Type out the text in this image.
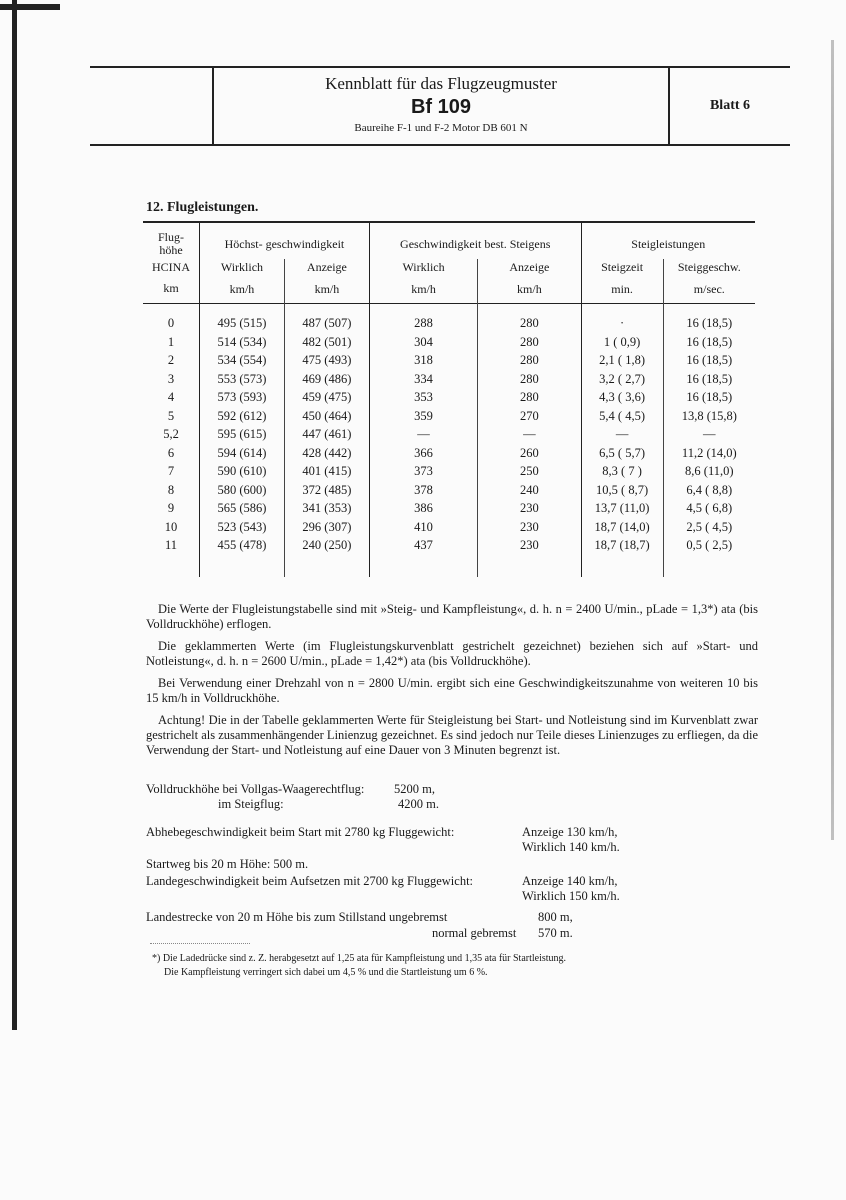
Kennblatt für das Flugzeugmuster
Bf 109
Baureihe F-1 und F-2 Motor DB 601 N
Blatt 6
12. Flugleistungen.
Flug-
höhe	Höchst- geschwindigkeit		Geschwindigkeit best. Steigens		Steigleistungen	

HCINA	Wirklich	Anzeige	Wirklich	Anzeige	Steigzeit	Steiggeschw.
km	km/h	km/h	km/h	km/h	min.	m/sec.
0	495 (515)	487 (507)	288	280	·	16 (18,5)
1	514 (534)	482 (501)	304	280	1 ( 0,9)	16 (18,5)
2	534 (554)	475 (493)	318	280	2,1 ( 1,8)	16 (18,5)
3	553 (573)	469 (486)	334	280	3,2 ( 2,7)	16 (18,5)
4	573 (593)	459 (475)	353	280	4,3 ( 3,6)	16 (18,5)
5	592 (612)	450 (464)	359	270	5,4 ( 4,5)	13,8 (15,8)
5,2	595 (615)	447 (461)	—	—	—	—
6	594 (614)	428 (442)	366	260	6,5 ( 5,7)	11,2 (14,0)
7	590 (610)	401 (415)	373	250	8,3 ( 7 )	8,6 (11,0)
8	580 (600)	372 (485)	378	240	10,5 ( 8,7)	6,4 ( 8,8)
9	565 (586)	341 (353)	386	230	13,7 (11,0)	4,5 ( 6,8)
10	523 (543)	296 (307)	410	230	18,7 (14,0)	2,5 ( 4,5)
11	455 (478)	240 (250)	437	230	18,7 (18,7)	0,5 ( 2,5)

Die Werte der Flugleistungstabelle sind mit »Steig- und Kampfleistung«, d. h. n = 2400 U/min., pLade = 1,3*) ata (bis Volldruckhöhe) erflogen.

Die geklammerten Werte (im Flugleistungskurvenblatt gestrichelt gezeichnet) beziehen sich auf »Start- und Notleistung«, d. h. n = 2600 U/min., pLade = 1,42*) ata (bis Volldruckhöhe).

Bei Verwendung einer Drehzahl von n = 2800 U/min. ergibt sich eine Geschwindigkeitszunahme von weiteren 10 bis 15 km/h in Volldruckhöhe.

Achtung! Die in der Tabelle geklammerten Werte für Steigleistung bei Start- und Notleistung sind im Kurvenblatt zwar gestrichelt als zusammenhängender Linienzug gezeichnet. Es sind jedoch nur Teile dieses Linienzuges zu erfliegen, da die Verwendung der Start- und Notleistung auf eine Dauer von 3 Minuten begrenzt ist.

Volldruckhöhe bei Vollgas-Waagerechtflug: 5200 m,
im Steigflug:	4200 m.
Abhebegeschwindigkeit beim Start mit 2780 kg Fluggewicht:	Anzeige 130 km/h,
Wirklich 140 km/h.
Startweg bis 20 m Höhe: 500 m.
Landegeschwindigkeit beim Aufsetzen mit 2700 kg Fluggewicht:	Anzeige 140 km/h,
Wirklich 150 km/h.
Landestrecke von 20 m Höhe bis zum Stillstand ungebremst	800 m,
normal gebremst 570 m.
*) Die Ladedrücke sind z. Z. herabgesetzt auf 1,25 ata für Kampfleistung und 1,35 ata für Startleistung.
Die Kampfleistung verringert sich dabei um 4,5 % und die Startleistung um 6 %.
